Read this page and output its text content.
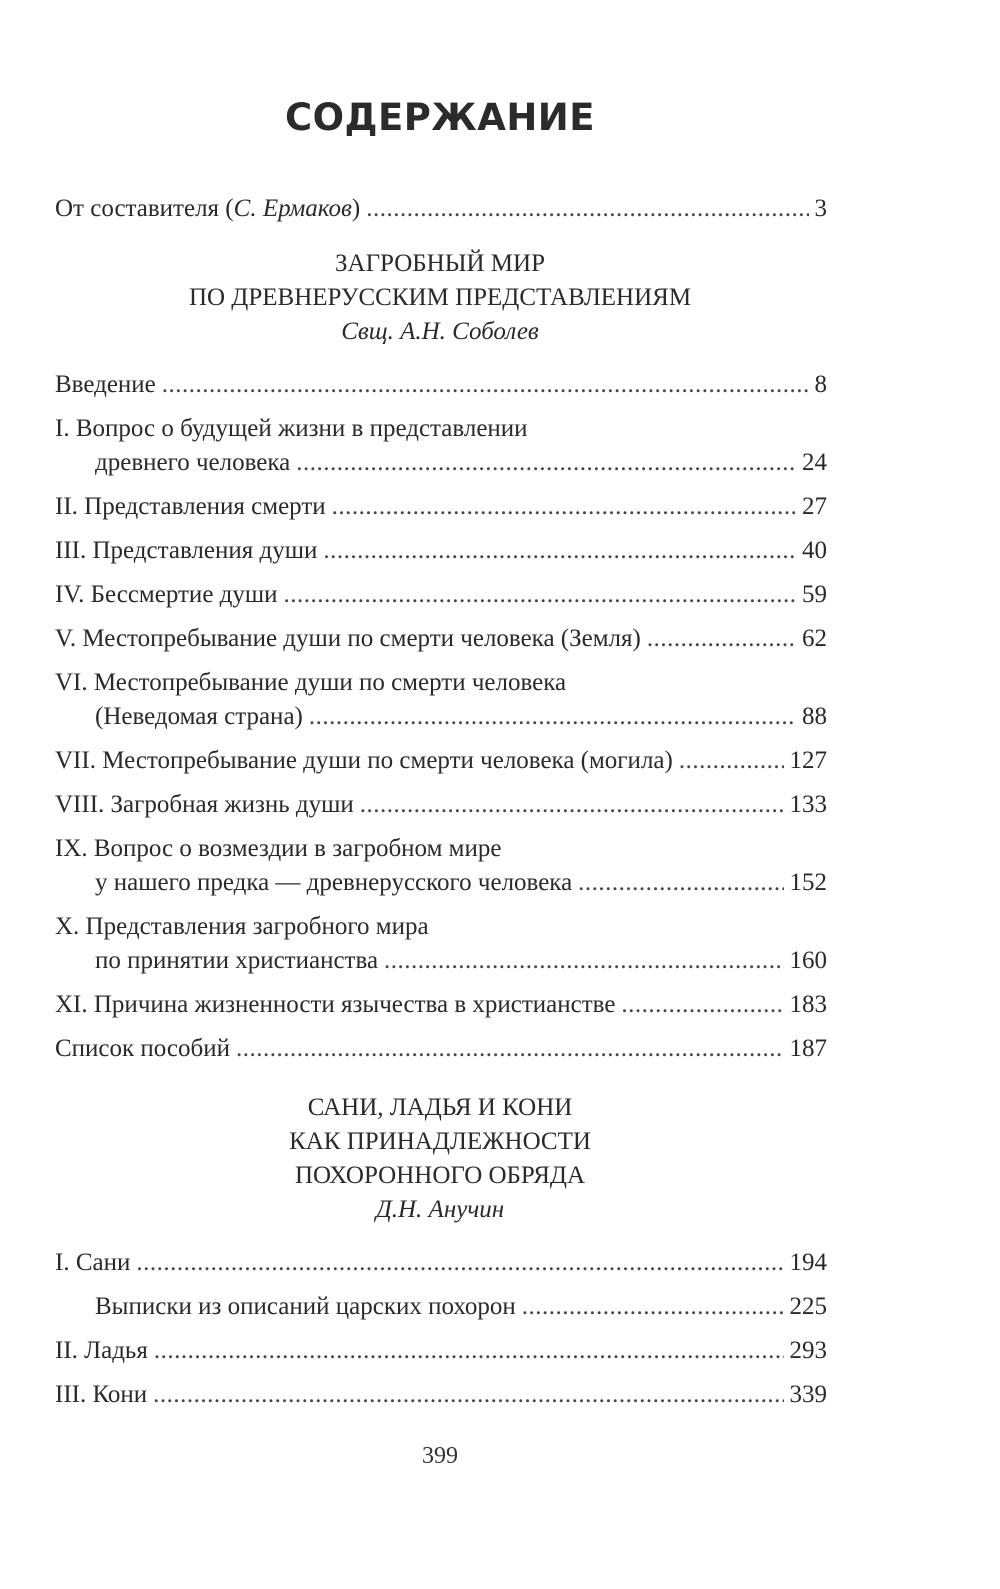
СОДЕРЖАНИЕ
От составителя (С. Ермаков) .....	3
ЗАГРОБНЫЙ МИР
ПО ДРЕВНЕРУССКИМ ПРЕДСТАВЛЕНИЯМ
Свщ. А.Н. Соболев
Введение .....	8
I. Вопрос о будущей жизни в представлении
древнего человека .....	24
II. Представления смерти .....	27
III. Представления души .....	40
IV. Бессмертие души .....	59
V. Местопребывание души по смерти человека (Земля) .....	62
VI. Местопребывание души по смерти человека
(Неведомая страна) .....	88
VII. Местопребывание души по смерти человека (могила) .....	127
VIII. Загробная жизнь души .....	133
IX. Вопрос о возмездии в загробном мире
у нашего предка — древнерусского человека .....	152
X. Представления загробного мира
по принятии христианства .....	160
XI. Причина жизненности язычества в христианстве .....	183
Список пособий .....	187
САНИ, ЛАДЬЯ И КОНИ
КАК ПРИНАДЛЕЖНОСТИ
ПОХОРОННОГО ОБРЯДА
Д.Н. Анучин
I. Сани .....	194
Выписки из описаний царских похорон .....	225
II. Ладья .....	293
III. Кони .....	339
399
